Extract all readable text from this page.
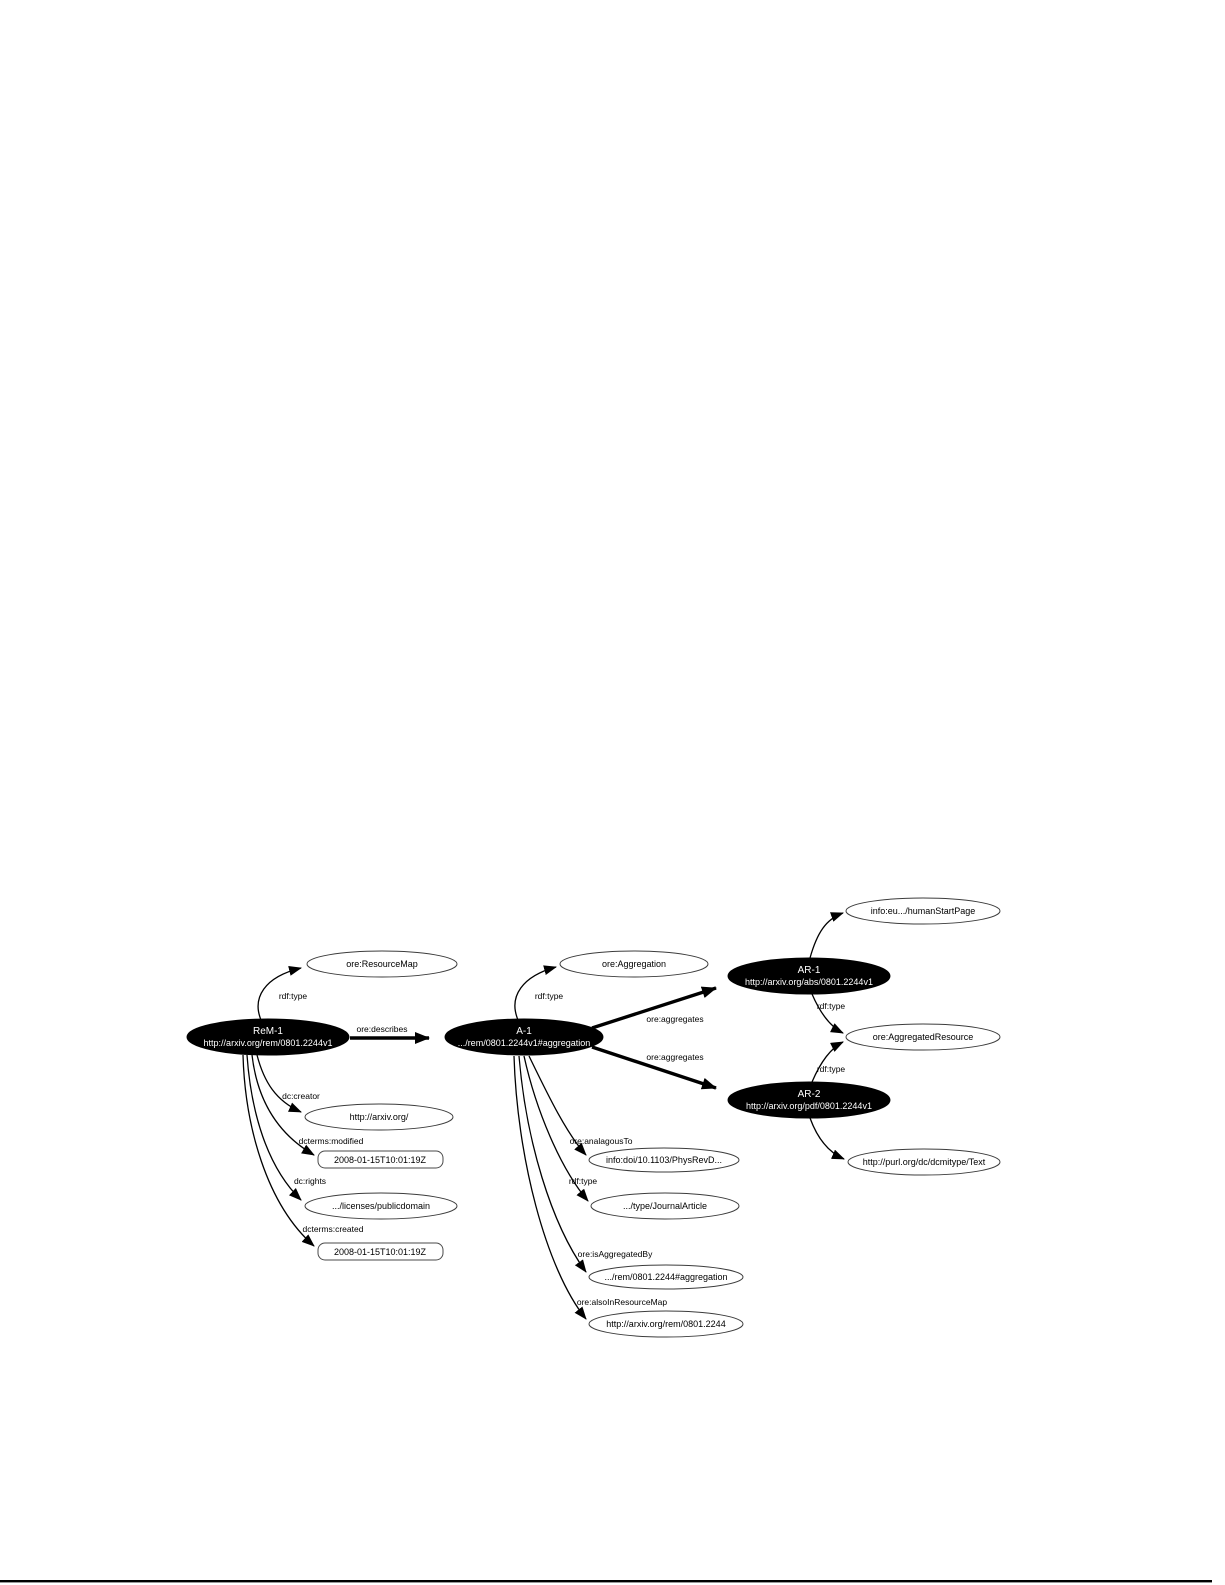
rdf:type
ore:describes
dc:creator
dcterms:modified
dc:rights
dcterms:created
rdf:type
ore:aggregates
ore:aggregates
ore:analagousTo
rdf:type
ore:isAggregatedBy
ore:alsoInResourceMap
rdf:type
rdf:type
ReM-1
http://arxiv.org/rem/0801.2244v1
ore:ResourceMap
A-1
.../rem/0801.2244v1#aggregation
ore:Aggregation
AR-1
http://arxiv.org/abs/0801.2244v1
AR-2
http://arxiv.org/pdf/0801.2244v1
info:eu.../humanStartPage
ore:AggregatedResource
http://purl.org/dc/dcmitype/Text
http://arxiv.org/
2008-01-15T10:01:19Z
.../licenses/publicdomain
2008-01-15T10:01:19Z
info:doi/10.1103/PhysRevD...
.../type/JournalArticle
.../rem/0801.2244#aggregation
http://arxiv.org/rem/0801.2244
